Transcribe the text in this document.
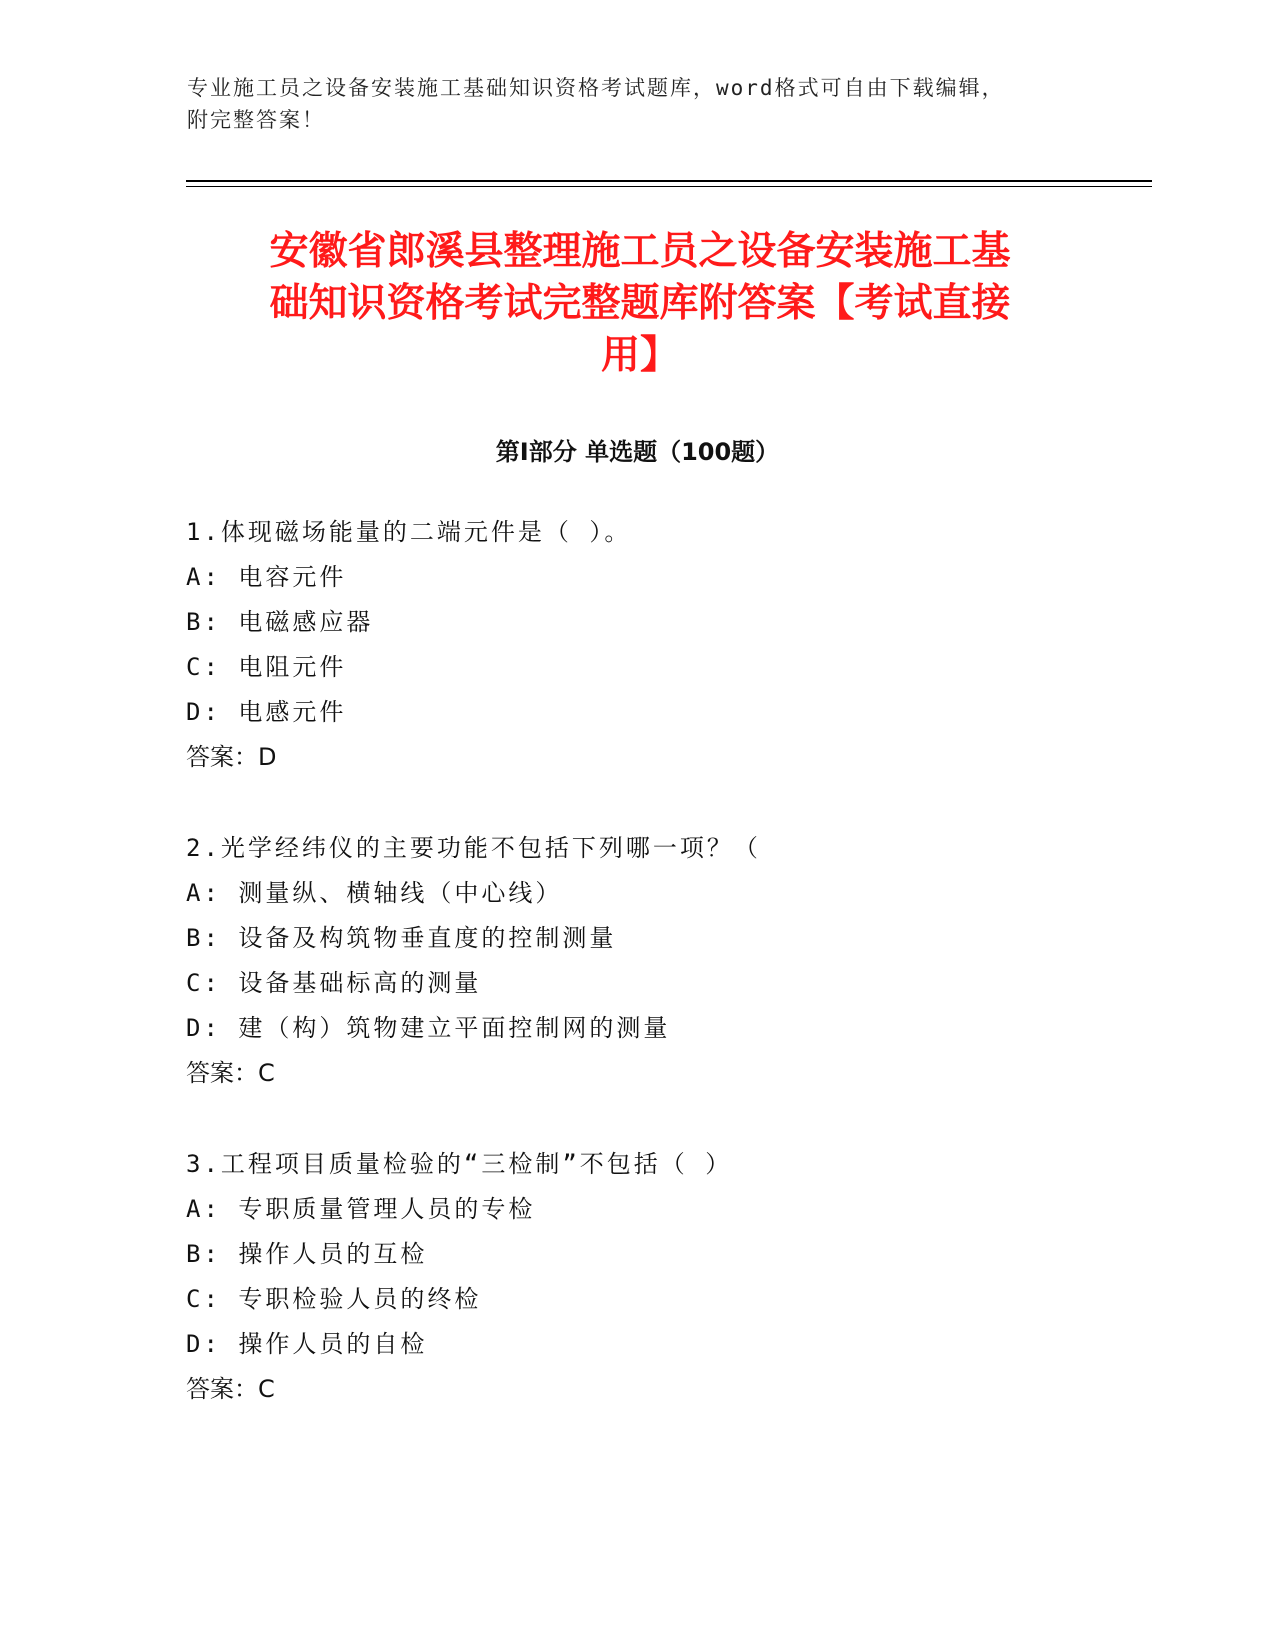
专业施工员之设备安装施工基础知识资格考试题库，word格式可自由下载编辑，
附完整答案！
安徽省郎溪县整理施工员之设备安装施工基
础知识资格考试完整题库附答案【考试直接
用】
第Ⅰ部分 单选题（100题）
1.体现磁场能量的二端元件是（ ）。
A: 电容元件
B: 电磁感应器
C: 电阻元件
D: 电感元件
答案：D
2.光学经纬仪的主要功能不包括下列哪一项？（
A: 测量纵、横轴线（中心线）
B: 设备及构筑物垂直度的控制测量
C: 设备基础标高的测量
D: 建（构）筑物建立平面控制网的测量
答案：C
3.工程项目质量检验的“三检制”不包括（ ）
A: 专职质量管理人员的专检
B: 操作人员的互检
C: 专职检验人员的终检
D: 操作人员的自检
答案：C
